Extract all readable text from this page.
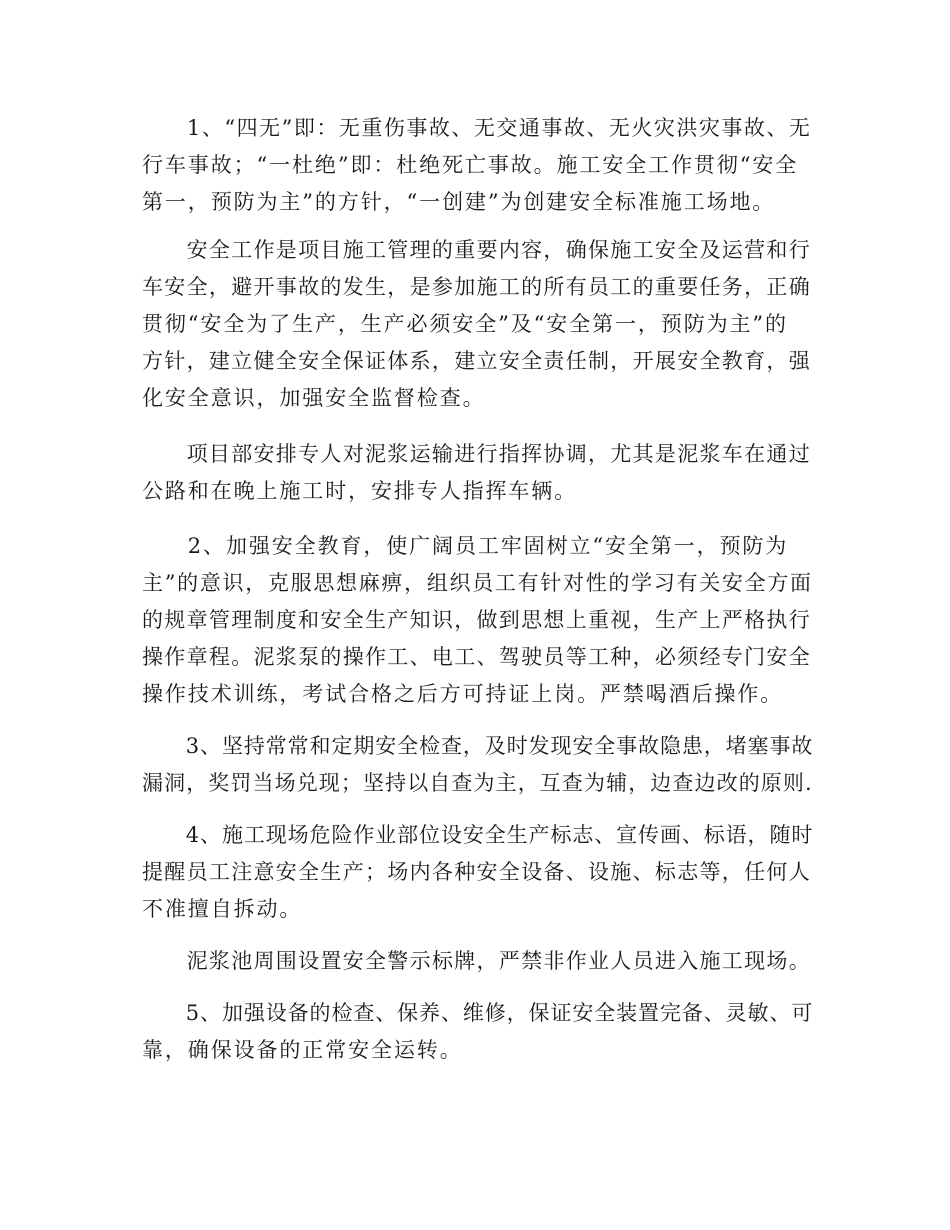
　　1、“四无”即：无重伤事故、无交通事故、无火灾洪灾事故、无
行车事故；“一杜绝”即：杜绝死亡事故。施工安全工作贯彻“安全
第一，预防为主”的方针，“一创建”为创建安全标准施工场地。

　　安全工作是项目施工管理的重要内容，确保施工安全及运营和行
车安全，避开事故的发生，是参加施工的所有员工的重要任务，正确
贯彻“安全为了生产，生产必须安全”及“安全第一，预防为主”的
方针，建立健全安全保证体系，建立安全责任制，开展安全教育，强
化安全意识，加强安全监督检查。

　　项目部安排专人对泥浆运输进行指挥协调，尤其是泥浆车在通过
公路和在晚上施工时，安排专人指挥车辆。

　　2、加强安全教育，使广阔员工牢固树立“安全第一，预防为
主”的意识，克服思想麻痹，组织员工有针对性的学习有关安全方面
的规章管理制度和安全生产知识，做到思想上重视，生产上严格执行
操作章程。泥浆泵的操作工、电工、驾驶员等工种，必须经专门安全
操作技术训练，考试合格之后方可持证上岗。严禁喝酒后操作。

　　3、坚持常常和定期安全检查，及时发现安全事故隐患，堵塞事故
漏洞，奖罚当场兑现；坚持以自查为主，互查为辅，边查边改的原则.

　　4、施工现场危险作业部位设安全生产标志、宣传画、标语，随时
提醒员工注意安全生产；场内各种安全设备、设施、标志等，任何人
不准擅自拆动。

　　泥浆池周围设置安全警示标牌，严禁非作业人员进入施工现场。

　　5、加强设备的检查、保养、维修，保证安全装置完备、灵敏、可
靠，确保设备的正常安全运转。
